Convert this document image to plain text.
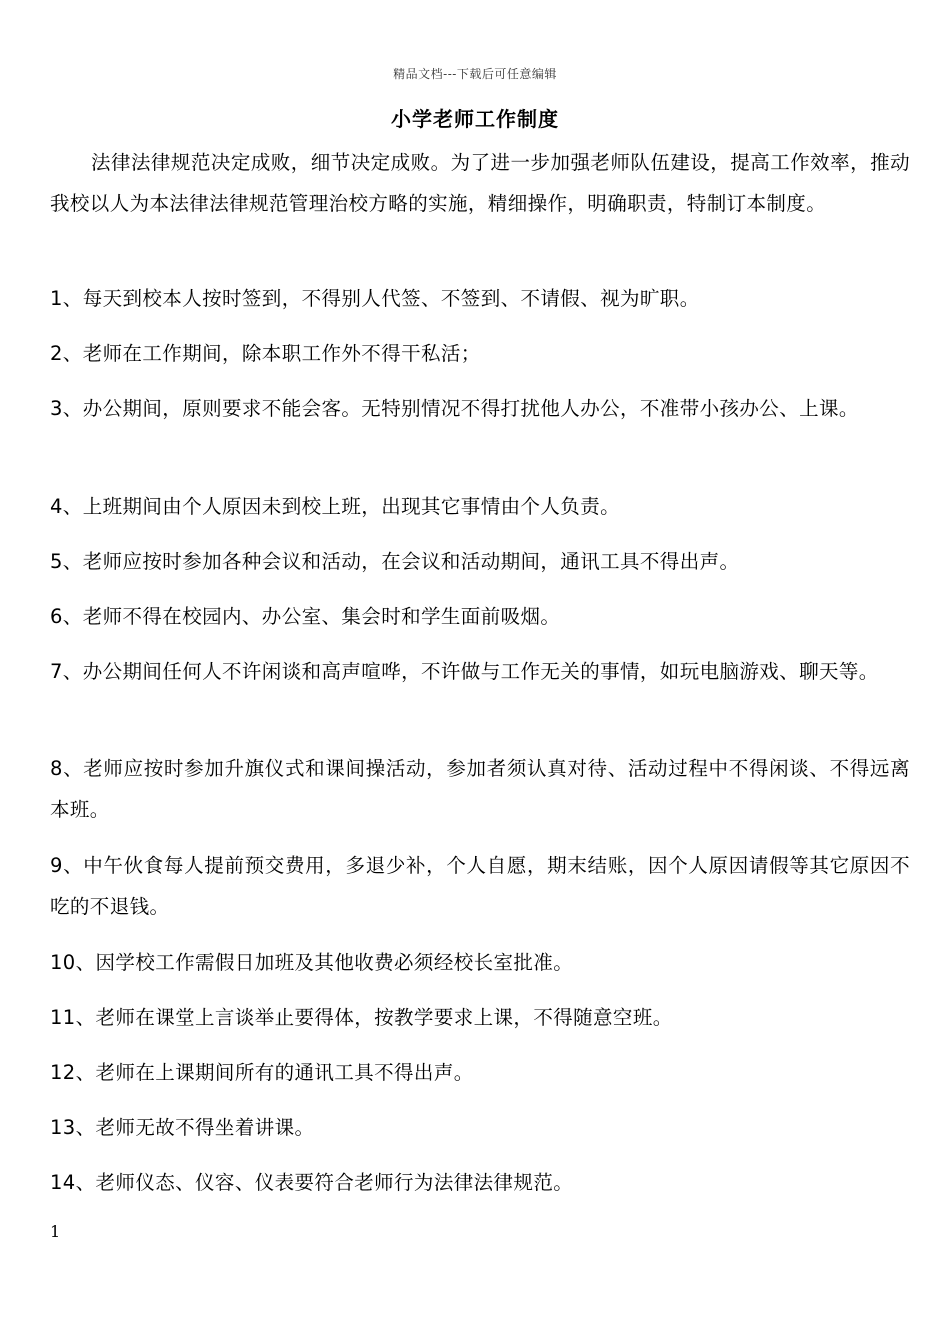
精品文档---下载后可任意编辑
小学老师工作制度
法律法律规范决定成败，细节决定成败。为了进一步加强老师队伍建设，提高工作效率，推动我校以人为本法律法律规范管理治校方略的实施，精细操作，明确职责，特制订本制度。
1、每天到校本人按时签到，不得别人代签、不签到、不请假、视为旷职。
2、老师在工作期间，除本职工作外不得干私活；
3、办公期间，原则要求不能会客。无特别情况不得打扰他人办公，不准带小孩办公、上课。
4、上班期间由个人原因未到校上班，出现其它事情由个人负责。
5、老师应按时参加各种会议和活动，在会议和活动期间，通讯工具不得出声。
6、老师不得在校园内、办公室、集会时和学生面前吸烟。
7、办公期间任何人不许闲谈和高声喧哗，不许做与工作无关的事情，如玩电脑游戏、聊天等。
8、老师应按时参加升旗仪式和课间操活动，参加者须认真对待、活动过程中不得闲谈、不得远离本班。
9、中午伙食每人提前预交费用，多退少补，个人自愿，期末结账，因个人原因请假等其它原因不吃的不退钱。
10、因学校工作需假日加班及其他收费必须经校长室批准。
11、老师在课堂上言谈举止要得体，按教学要求上课，不得随意空班。
12、老师在上课期间所有的通讯工具不得出声。
13、老师无故不得坐着讲课。
14、老师仪态、仪容、仪表要符合老师行为法律法律规范。
1
